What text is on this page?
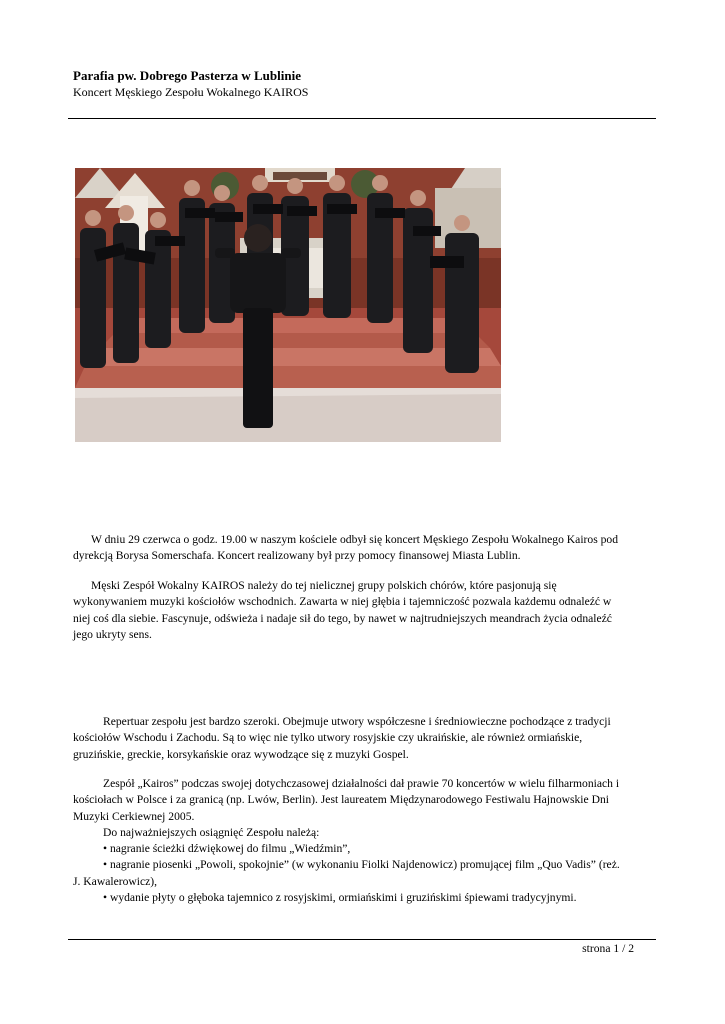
Parafia pw. Dobrego Pasterza w Lublinie
Koncert Męskiego Zespołu Wokalnego KAIROS

W dniu 29 czerwca o godz. 19.00 w naszym kościele odbył się koncert Męskiego Zespołu Wokalnego Kairos pod
dyrekcją Borysa Somerschafa. Koncert realizowany był przy pomocy finansowej Miasta Lublin.

Męski Zespół Wokalny KAIROS należy do tej nielicznej grupy polskich chórów, które pasjonują się
wykonywaniem muzyki kościołów wschodnich. Zawarta w niej głębia i tajemniczość pozwala każdemu odnaleźć w
niej coś dla siebie. Fascynuje, odświeża i nadaje sił do tego, by nawet w najtrudniejszych meandrach życia odnaleźć
jego ukryty sens.

Repertuar zespołu jest bardzo szeroki. Obejmuje utwory współczesne i średniowieczne pochodzące z tradycji
kościołów Wschodu i Zachodu. Są to więc nie tylko utwory rosyjskie czy ukraińskie, ale również ormiańskie,
gruzińskie, greckie, korsykańskie oraz wywodzące się z muzyki Gospel.

Zespół „Kairos” podczas swojej dotychczasowej działalności dał prawie 70 koncertów w wielu filharmoniach i
kościołach w Polsce i za granicą (np. Lwów, Berlin). Jest laureatem Międzynarodowego Festiwalu Hajnowskie Dni
Muzyki Cerkiewnej 2005.
Do najważniejszych osiągnięć Zespołu należą:
• nagranie ścieżki dźwiękowej do filmu „Wiedźmin”,
• nagranie piosenki „Powoli, spokojnie” (w wykonaniu Fiolki Najdenowicz) promującej film „Quo Vadis” (reż.
J. Kawalerowicz),
• wydanie płyty o głęboka tajemnico z rosyjskimi, ormiańskimi i gruzińskimi śpiewami tradycyjnymi.

strona 1 / 2
